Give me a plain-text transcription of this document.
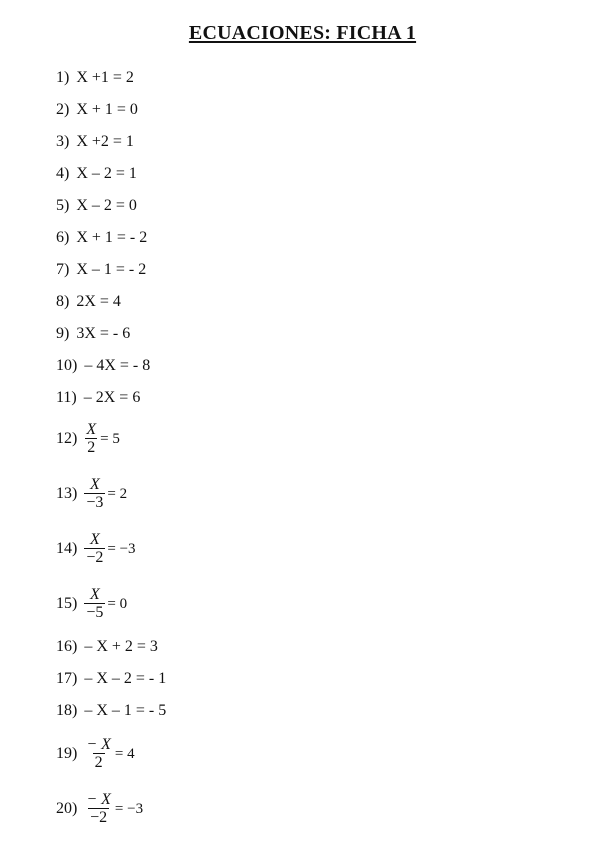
ECUACIONES: FICHA 1
1) X +1 = 2
2) X + 1 = 0
3) X +2 = 1
4) X – 2 = 1
5) X – 2 = 0
6) X + 1 = - 2
7) X – 1 = - 2
8) 2X = 4
9) 3X = - 6
10) – 4X = - 8
11) – 2X = 6
$12) \frac{X}{2} = 5$
$13) \frac{X}{-3} = 2$
$14) \frac{X}{-2} = -3$
$15) \frac{X}{-5} = 0$
16) – X + 2 = 3
17) – X – 2 = - 1
18) – X – 1 = - 5
$19) \frac{- X}{2} = 4$
$20) \frac{- X}{-2} = -3$
